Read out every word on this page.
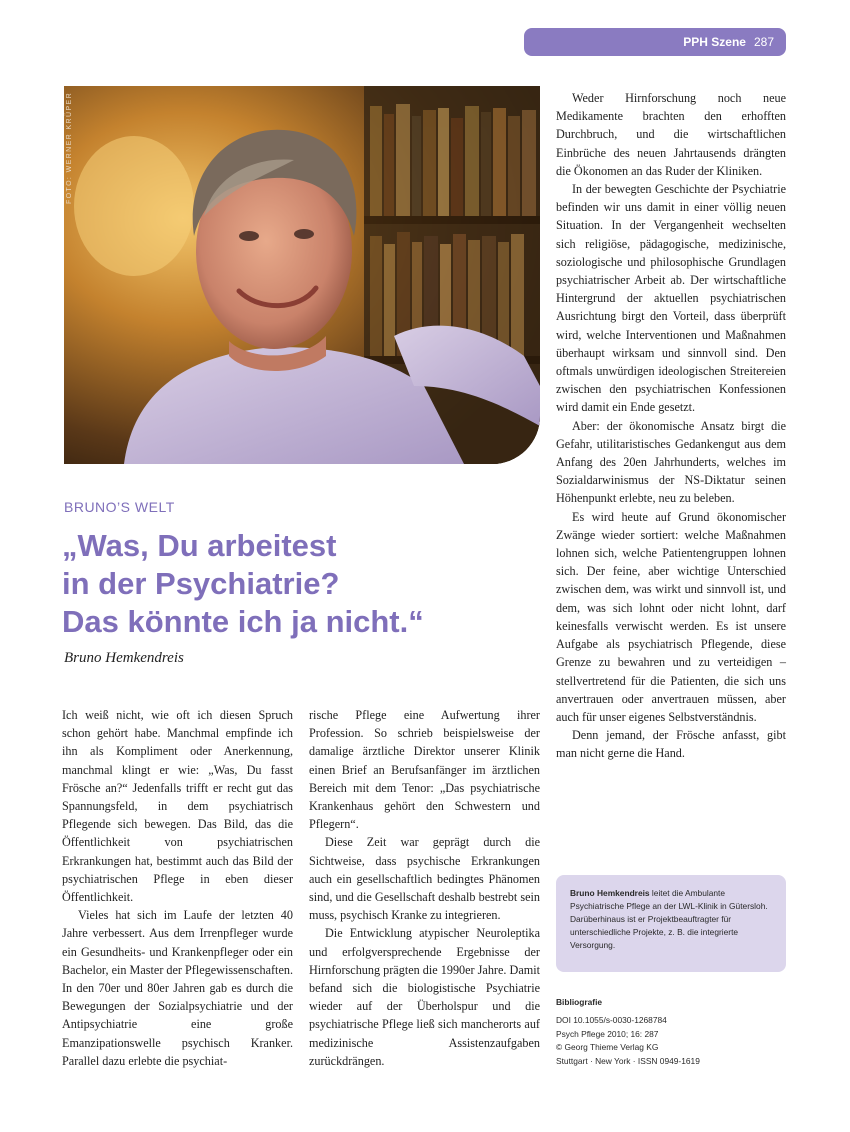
PPH Szene 287
FOTO: WERNER KRÜPER
BRUNO’S WELT
„Was, Du arbeitest
in der Psychiatrie?
Das könnte ich ja nicht.“
Bruno Hemkendreis

Ich weiß nicht, wie oft ich diesen Spruch schon gehört habe. Manchmal empfinde ich ihn als Kompliment oder Anerkennung, manchmal klingt er wie: „Was, Du fasst Frösche an?“ Jedenfalls trifft er recht gut das Spannungsfeld, in dem psychiatrisch Pflegende sich bewegen. Das Bild, das die Öffentlichkeit von psychiatrischen Erkrankungen hat, bestimmt auch das Bild der psychiatrischen Pflege in eben dieser Öffentlichkeit.

Vieles hat sich im Laufe der letzten 40 Jahre verbessert. Aus dem Irrenpfleger wurde ein Gesundheits- und Krankenpfleger oder ein Bachelor, ein Master der Pflegewissenschaften. In den 70er und 80er Jahren gab es durch die Bewegungen der Sozialpsychiatrie und der Antipsychiatrie eine große Emanzipationswelle psychisch Kranker. Parallel dazu erlebte die psychiat-

rische Pflege eine Aufwertung ihrer Profession. So schrieb beispielsweise der damalige ärztliche Direktor unserer Klinik einen Brief an Berufsanfänger im ärztlichen Bereich mit dem Tenor: „Das psychiatrische Krankenhaus gehört den Schwestern und Pflegern“.

Diese Zeit war geprägt durch die Sichtweise, dass psychische Erkrankungen auch ein gesellschaftlich bedingtes Phänomen sind, und die Gesellschaft deshalb bestrebt sein muss, psychisch Kranke zu integrieren.

Die Entwicklung atypischer Neuroleptika und erfolgversprechende Ergebnisse der Hirnforschung prägten die 1990er Jahre. Damit befand sich die biologistische Psychiatrie wieder auf der Überholspur und die psychiatrische Pflege ließ sich mancherorts auf medizinische Assistenzaufgaben zurückdrängen.

Weder Hirnforschung noch neue Medikamente brachten den erhofften Durchbruch, und die wirtschaftlichen Einbrüche des neuen Jahrtausends drängten die Ökonomen an das Ruder der Kliniken.

In der bewegten Geschichte der Psychiatrie befinden wir uns damit in einer völlig neuen Situation. In der Vergangenheit wechselten sich religiöse, pädagogische, medizinische, soziologische und philosophische Grundlagen psychiatrischer Arbeit ab. Der wirtschaftliche Hintergrund der aktuellen psychiatrischen Ausrichtung birgt den Vorteil, dass überprüft wird, welche Interventionen und Maßnahmen überhaupt wirksam und sinnvoll sind. Den oftmals unwürdigen ideologischen Streitereien zwischen den psychiatrischen Konfessionen wird damit ein Ende gesetzt.

Aber: der ökonomische Ansatz birgt die Gefahr, utilitaristisches Gedankengut aus dem Anfang des 20en Jahrhunderts, welches im Sozialdarwinismus der NS-Diktatur seinen Höhenpunkt erlebte, neu zu beleben.

Es wird heute auf Grund ökonomischer Zwänge wieder sortiert: welche Maßnahmen lohnen sich, welche Patientengruppen lohnen sich. Der feine, aber wichtige Unterschied zwischen dem, was wirkt und sinnvoll ist, und dem, was sich lohnt oder nicht lohnt, darf keinesfalls verwischt werden. Es ist unsere Aufgabe als psychiatrisch Pflegende, diese Grenze zu bewahren und zu verteidigen – stellvertretend für die Patienten, die sich uns anvertrauen oder anvertrauen müssen, aber auch für unser eigenes Selbstverständnis.

Denn jemand, der Frösche anfasst, gibt man nicht gerne die Hand.

Bruno Hemkendreis leitet die Ambulante Psychiatrische Pflege an der LWL-Klinik in Gütersloh. Darüberhinaus ist er Projektbeauftragter für unterschiedliche Projekte, z. B. die integrierte Versorgung.
Bibliografie
DOI 10.1055/s-0030-1268784
Psych Pflege 2010; 16: 287
© Georg Thieme Verlag KG
Stuttgart · New York · ISSN 0949-1619
